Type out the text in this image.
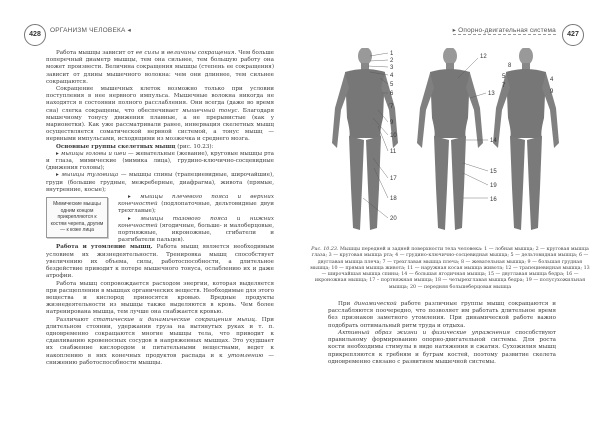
428
ОРГАНИЗМ ЧЕЛОВЕКА ◂

Работа мышцы зависит от ее силы и величины сокращения. Чем больше поперечный диаметр мышцы, тем она сильнее, тем большую работу она может произвести. Величина сокращения мышцы (степень ее сокращения) зависит от длины мышечного волокна: чем они длиннее, тем сильнее сокращаются.

Сокращение мышечных клеток возможно только при условии поступления в нее нервного импульса. Мышечные волокна никогда не находятся в состоянии полного расслабления. Они всегда (даже во время сна) слегка сокращены, что обеспечивает мышечный тонус. Благодаря мышечному тонусу движения плавные, а не прерывистые (как у марионетки). Как уже рассматривали ранее, иннервация скелетных мышц осуществляется соматической нервной системой, а тонус мышц — нервными импульсами, исходящими из мозжечка и среднего мозга.

Основные группы скелетных мышц (рис. 10.23):

▸ мышцы головы и шеи — жевательные (жевание), круговые мышцы рта и глаза, мимические (мимика лица), грудино-ключично-сосцевидные (движения головы);

▸ мышцы туловища — мышцы спины (трапециевидные, широчайшие), груди (большие грудные, межреберные, диафрагма), живота (прямые, внутренние, косые);

Мимические мышцы одним концом прикрепляются к костям черепа, другим — к коже лица

▸ мышцы плечевого пояса и верхних конечностей (подлопаточные, дельтовидные двуи трехглавые);

▸ мышцы тазового пояса и нижних конечностей (ягодичные, больше- и малоберцовые, портняжные, икроножные, сгибатели и разгибатели пальцев).

Работа и утомление мышц. Работа мышц является необходимым условием их жизнедеятельности. Тренировка мышц способствует увеличению их объема, силы, работоспособности, а длительное бездействие приводит к потере мышечного тонуса, ослаблению их и даже атрофии.

Работа мышц сопровождается расходом энергии, которая выделяется при расщеплении в мышцах органических веществ. Необходимые для этого вещества и кислород приносятся кровью. Вредные продукты жизнедеятельности из мышцы также выделяются в кровь. Чем более натренирована мышца, тем лучше она снабжается кровью.

Различают статические и динамические сокращения мышц. При длительном стоянии, удержании груза на вытянутых руках и т. п. одновременно сокращаются многие мышцы тела, что приводит к сдавливанию кровеносных сосудов в напряженных мышцах. Это ухудшает их снабжение кислородом и питательными веществами, ведет к накоплению в них конечных продуктов распада и к утомлению — снижению работоспособности мышцы.

▸ Опорно-двигательная система
427
1
2
3
4
5
6
7
9
10
11
17
18
20
12
13
14
15
19
16
8
4
5
7
9
Рис. 10.23. Мышцы передней и задней поверхности тела человека: 1 — лобная мышца; 2 — круговая мышца глаза; 3 — круговая мышца рта; 4 — грудино-ключично-сосцевидная мышца; 5 — дельтовидная мышца; 6 — двуглавая мышца плеча; 7 — трехглавая мышца плеча; 8 — жевательная мышца; 9 — большая грудная мышца; 10 — прямая мышца живота; 11 — наружная косая мышца живота; 12 — трапециевидная мышца; 13 — широчайшая мышца спины; 14 — большая ягодичная мышца; 15 — двуглавая мышца бедра; 16 — икроножная мышца; 17 – портняжная мышца; 18 — четырехглавая мышца бедра; 19 — полусухожильная мышца; 20 — передняя большеберцовая мышца

При динамической работе различные группы мышц сокращаются и расслабляются поочередно, что позволяет им работать длительное время без признаков заметного утомления. При динамической работе важно подобрать оптимальный ритм труда и отдыха.

Активный образ жизни и физические упражнения способствуют правильному формированию опорно-двигательной системы. Для роста кости необходимы стимулы в виде натяжения и сжатия. Сухожилия мышц прикрепляются к гребням и буграм костей, поэтому развитие скелета одновременно связано с развитием мышечной системы.
